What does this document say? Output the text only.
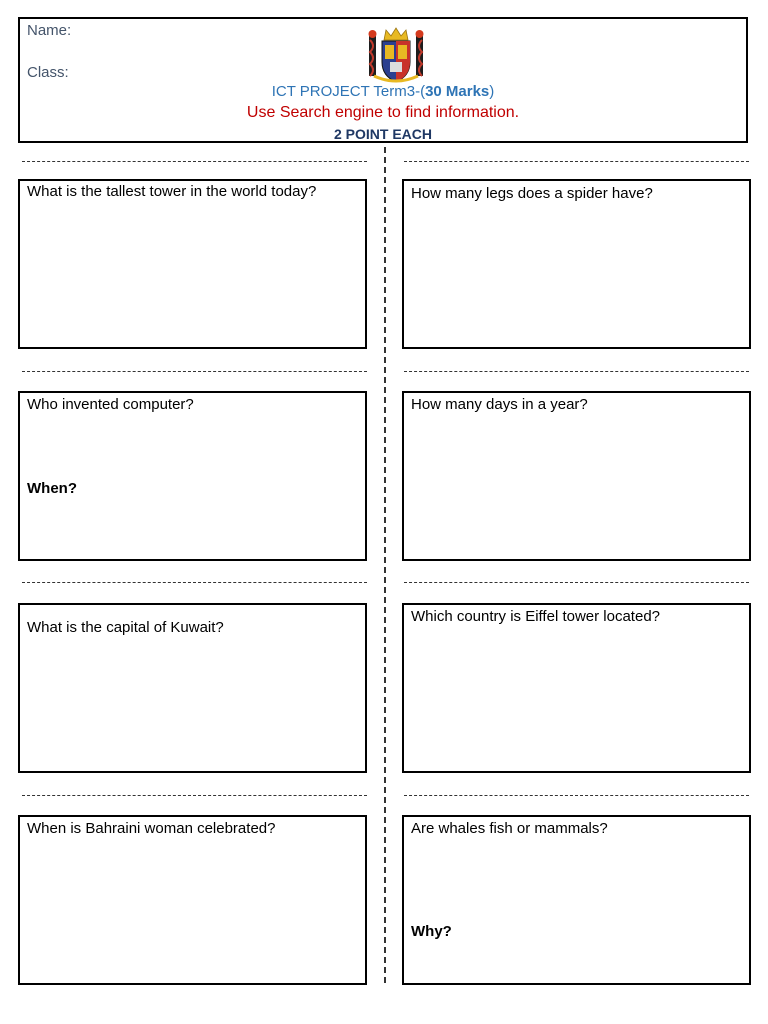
Name:
Class:
ICT PROJECT Term3-(30 Marks)
Use Search engine to find information.
2 POINT EACH
What is the tallest tower in the world today?	How many legs does a spider have?
Who invented computer?
When?
How many days in a year?
What is the capital of Kuwait?
Which country is Eiffel tower located?
When is Bahraini woman celebrated?	Are whales fish or mammals?
Why?
